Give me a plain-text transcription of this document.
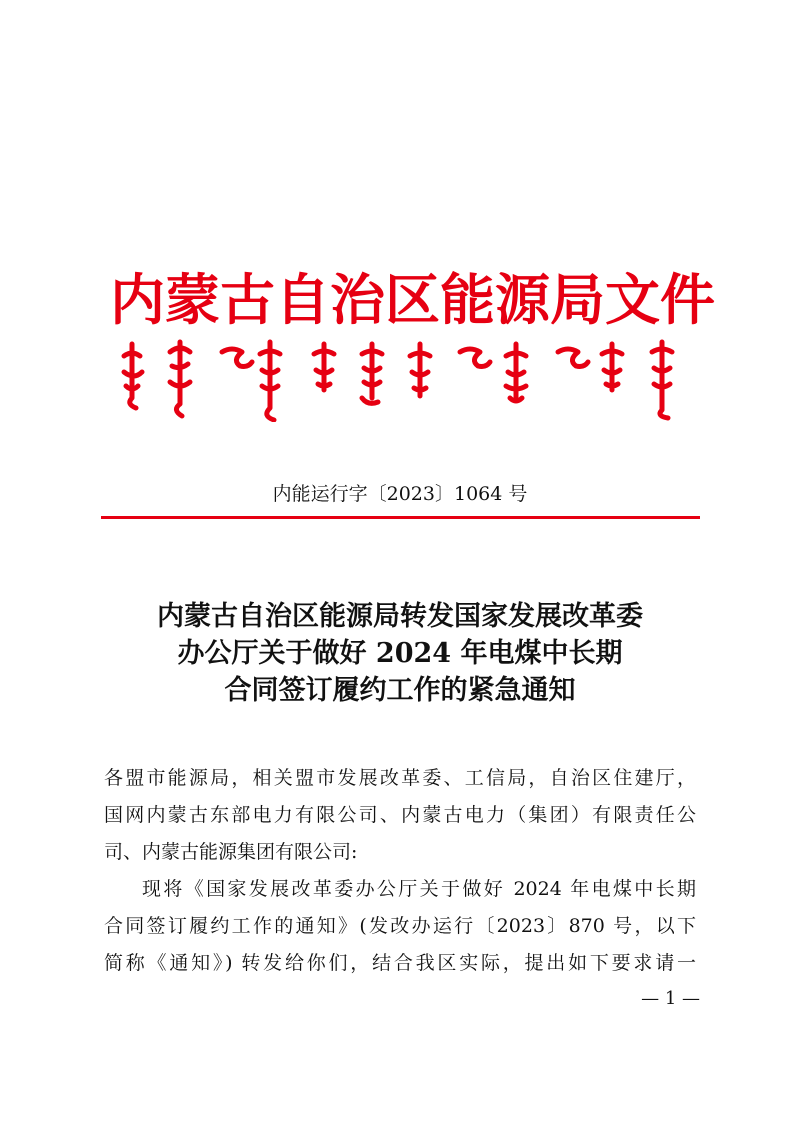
内蒙古自治区能源局文件
内能运行字〔2023〕1064 号
内蒙古自治区能源局转发国家发展改革委
办公厅关于做好 2024 年电煤中长期
合同签订履约工作的紧急通知
各盟市能源局，相关盟市发展改革委、工信局，自治区住建厅，
国网内蒙古东部电力有限公司、内蒙古电力（集团）有限责任公
司、内蒙古能源集团有限公司:
现将《国家发展改革委办公厅关于做好 2024 年电煤中长期
合同签订履约工作的通知》(发改办运行〔2023〕870 号，以下
简称《通知》) 转发给你们，结合我区实际，提出如下要求请一
— 1 —
